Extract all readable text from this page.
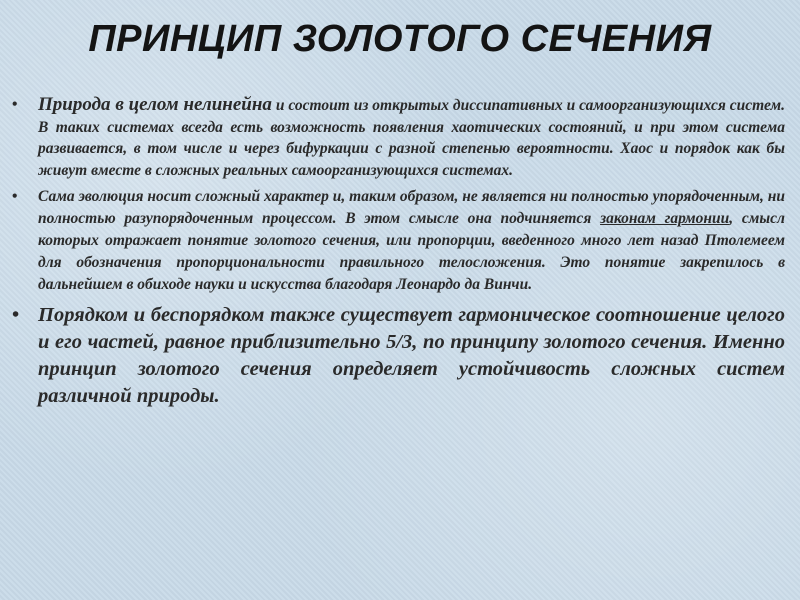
ПРИНЦИП ЗОЛОТОГО СЕЧЕНИЯ
• Природа в целом нелинейна и состоит из открытых диссипативных и самоорганизующихся систем. В таких системах всегда есть возможность появления хаотических состояний, и при этом система развивается, в том числе и через бифуркации с разной степенью вероятности. Хаос и порядок как бы живут вместе в сложных реальных самоорганизующихся системах.
• Сама эволюция носит сложный характер и, таким образом, не является ни полностью упорядоченным, ни полностью разупорядоченным процессом. В этом смысле она подчиняется законам гармонии, смысл которых отражает понятие золотого сечения, или пропорции, введенного много лет назад Птолемеем для обозначения пропорциональности правильного телосложения. Это понятие закрепилось в дальнейшем в обиходе науки и искусства благодаря Леонардо да Винчи.
• Порядком и беспорядком также существует гармоническое соотношение целого и его частей, равное приблизительно 5/3, по принципу золотого сечения. Именно принцип золотого сечения определяет устойчивость сложных систем различной природы.
